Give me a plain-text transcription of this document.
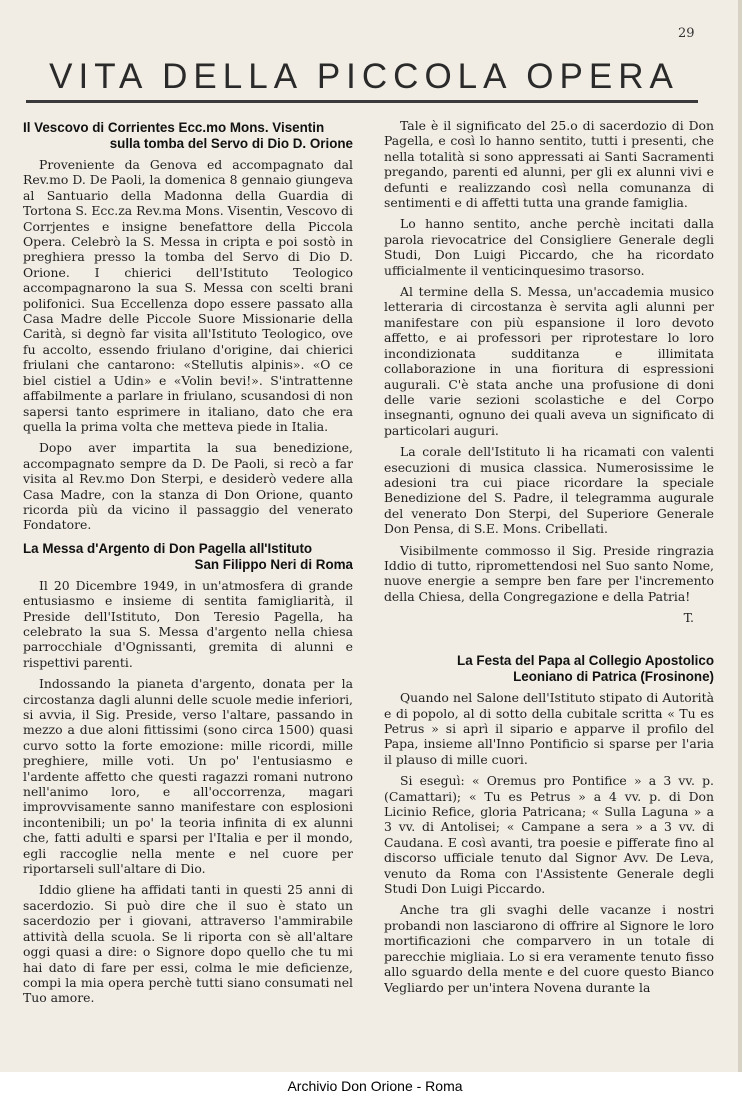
29
VITA DELLA PICCOLA OPERA
Il Vescovo di Corrientes Ecc.mo Mons. Visentin
sulla tomba del Servo di Dio D. Orione

Proveniente da Genova ed accompagnato dal Rev.mo D. De Paoli, la domenica 8 gennaio giungeva al Santuario della Madonna della Guardia di Tortona S. Ecc.za Rev.ma Mons. Visentin, Vescovo di Corrjentes e insigne benefattore della Piccola Opera. Celebrò la S. Messa in cripta e poi sostò in preghiera presso la tomba del Servo di Dio D. Orione. I chierici dell'Istituto Teologico accompagnarono la sua S. Messa con scelti brani polifonici. Sua Eccellenza dopo essere passato alla Casa Madre delle Piccole Suore Missionarie della Carità, si degnò far visita all'Istituto Teologico, ove fu accolto, essendo friulano d'origine, dai chierici friulani che cantarono: «Stellutis alpinis». «O ce biel cistiel a Udin» e «Volin bevi!». S'intrattenne affabilmente a parlare in friulano, scusandosi di non sapersi tanto esprimere in italiano, dato che era quella la prima volta che metteva piede in Italia.

Dopo aver impartita la sua benedizione, accompagnato sempre da D. De Paoli, si recò a far visita al Rev.mo Don Sterpi, e desiderò vedere alla Casa Madre, con la stanza di Don Orione, quanto ricorda più da vicino il passaggio del venerato Fondatore.

La Messa d'Argento di Don Pagella all'Istituto
San Filippo Neri di Roma

Il 20 Dicembre 1949, in un'atmosfera di grande entusiasmo e insieme di sentita famigliarità, il Preside dell'Istituto, Don Teresio Pagella, ha celebrato la sua S. Messa d'argento nella chiesa parrocchiale d'Ognissanti, gremita di alunni e rispettivi parenti.

Indossando la pianeta d'argento, donata per la circostanza dagli alunni delle scuole medie inferiori, si avvia, il Sig. Preside, verso l'altare, passando in mezzo a due aloni fittissimi (sono circa 1500) quasi curvo sotto la forte emozione: mille ricordi, mille preghiere, mille voti. Un po' l'entusiasmo e l'ardente affetto che questi ragazzi romani nutrono nell'animo loro, e all'occorrenza, magari improvvisamente sanno manifestare con esplosioni incontenibili; un po' la teoria infinita di ex alunni che, fatti adulti e sparsi per l'Italia e per il mondo, egli raccoglie nella mente e nel cuore per riportarseli sull'altare di Dio.

Iddio gliene ha affidati tanti in questi 25 anni di sacerdozio. Si può dire che il suo è stato un sacerdozio per i giovani, attraverso l'ammirabile attività della scuola. Se li riporta con sè all'altare oggi quasi a dire: o Signore dopo quello che tu mi hai dato di fare per essi, colma le mie deficienze, compi la mia opera perchè tutti siano consumati nel Tuo amore.

Tale è il significato del 25.o di sacerdozio di Don Pagella, e così lo hanno sentito, tutti i presenti, che nella totalità si sono appressati ai Santi Sacramenti pregando, parenti ed alunni, per gli ex alunni vivi e defunti e realizzando così nella comunanza di sentimenti e di affetti tutta una grande famiglia.

Lo hanno sentito, anche perchè incitati dalla parola rievocatrice del Consigliere Generale degli Studi, Don Luigi Piccardo, che ha ricordato ufficialmente il venticinquesimo trasorso.

Al termine della S. Messa, un'accademia musico letteraria di circostanza è servita agli alunni per manifestare con più espansione il loro devoto affetto, e ai professori per riprotestare lo loro incondizionata sudditanza e illimitata collaborazione in una fioritura di espressioni augurali. C'è stata anche una profusione di doni delle varie sezioni scolastiche e del Corpo insegnanti, ognuno dei quali aveva un significato di particolari auguri.

La corale dell'Istituto li ha ricamati con valenti esecuzioni di musica classica. Numerosissime le adesioni tra cui piace ricordare la speciale Benedizione del S. Padre, il telegramma augurale del venerato Don Sterpi, del Superiore Generale Don Pensa, di S.E. Mons. Cribellati.

Visibilmente commosso il Sig. Preside ringrazia Iddio di tutto, ripromettendosi nel Suo santo Nome, nuove energie a sempre ben fare per l'incremento della Chiesa, della Congregazione e della Patria!

T.
La Festa del Papa al Collegio Apostolico
Leoniano di Patrica (Frosinone)

Quando nel Salone dell'Istituto stipato di Autorità e di popolo, al di sotto della cubitale scritta « Tu es Petrus » si aprì il sipario e apparve il profilo del Papa, insieme all'Inno Pontificio si sparse per l'aria il plauso di mille cuori.

Si eseguì: « Oremus pro Pontifice » a 3 vv. p. (Camattari); « Tu es Petrus » a 4 vv. p. di Don Licinio Refice, gloria Patricana; « Sulla Laguna » a 3 vv. di Antolisei; « Campane a sera » a 3 vv. di Caudana. E così avanti, tra poesie e pifferate fino al discorso ufficiale tenuto dal Signor Avv. De Leva, venuto da Roma con l'Assistente Generale degli Studi Don Luigi Piccardo.

Anche tra gli svaghi delle vacanze i nostri probandi non lasciarono di offrire al Signore le loro mortificazioni che comparvero in un totale di parecchie migliaia. Lo si era veramente tenuto fisso allo sguardo della mente e del cuore questo Bianco Vegliardo per un'intera Novena durante la

Archivio Don Orione - Roma
